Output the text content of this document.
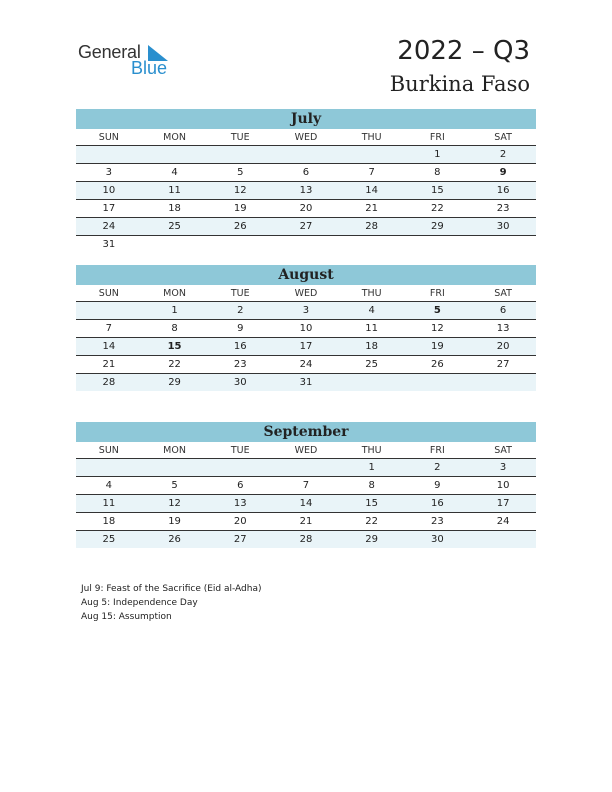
General
Blue
2022 – Q3
Burkina Faso
July
SUN	MON	TUE	WED	THU	FRI	SAT
					1	2
3	4	5	6	7	8	9
10	11	12	13	14	15	16
17	18	19	20	21	22	23
24	25	26	27	28	29	30
31						
August
SUN	MON	TUE	WED	THU	FRI	SAT
	1	2	3	4	5	6
7	8	9	10	11	12	13
14	15	16	17	18	19	20
21	22	23	24	25	26	27
28	29	30	31			
September
SUN	MON	TUE	WED	THU	FRI	SAT
				1	2	3
4	5	6	7	8	9	10
11	12	13	14	15	16	17
18	19	20	21	22	23	24
25	26	27	28	29	30	
Jul 9: Feast of the Sacrifice (Eid al-Adha)
Aug 5: Independence Day
Aug 15: Assumption
